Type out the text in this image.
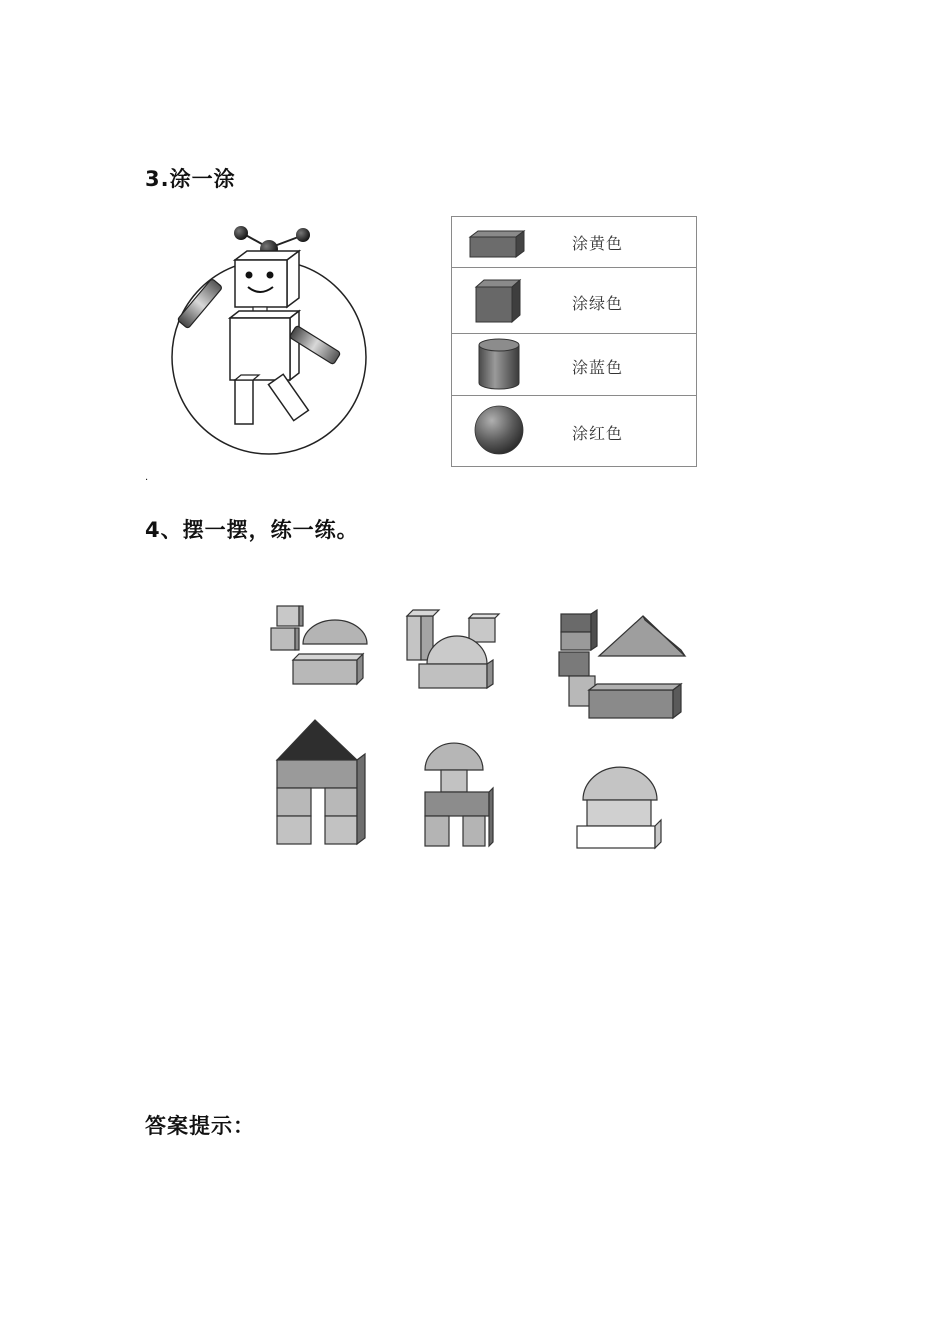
3.涂一涂
涂黄色
涂绿色
涂蓝色
涂红色
.
4、摆一摆，练一练。
答案提示：
